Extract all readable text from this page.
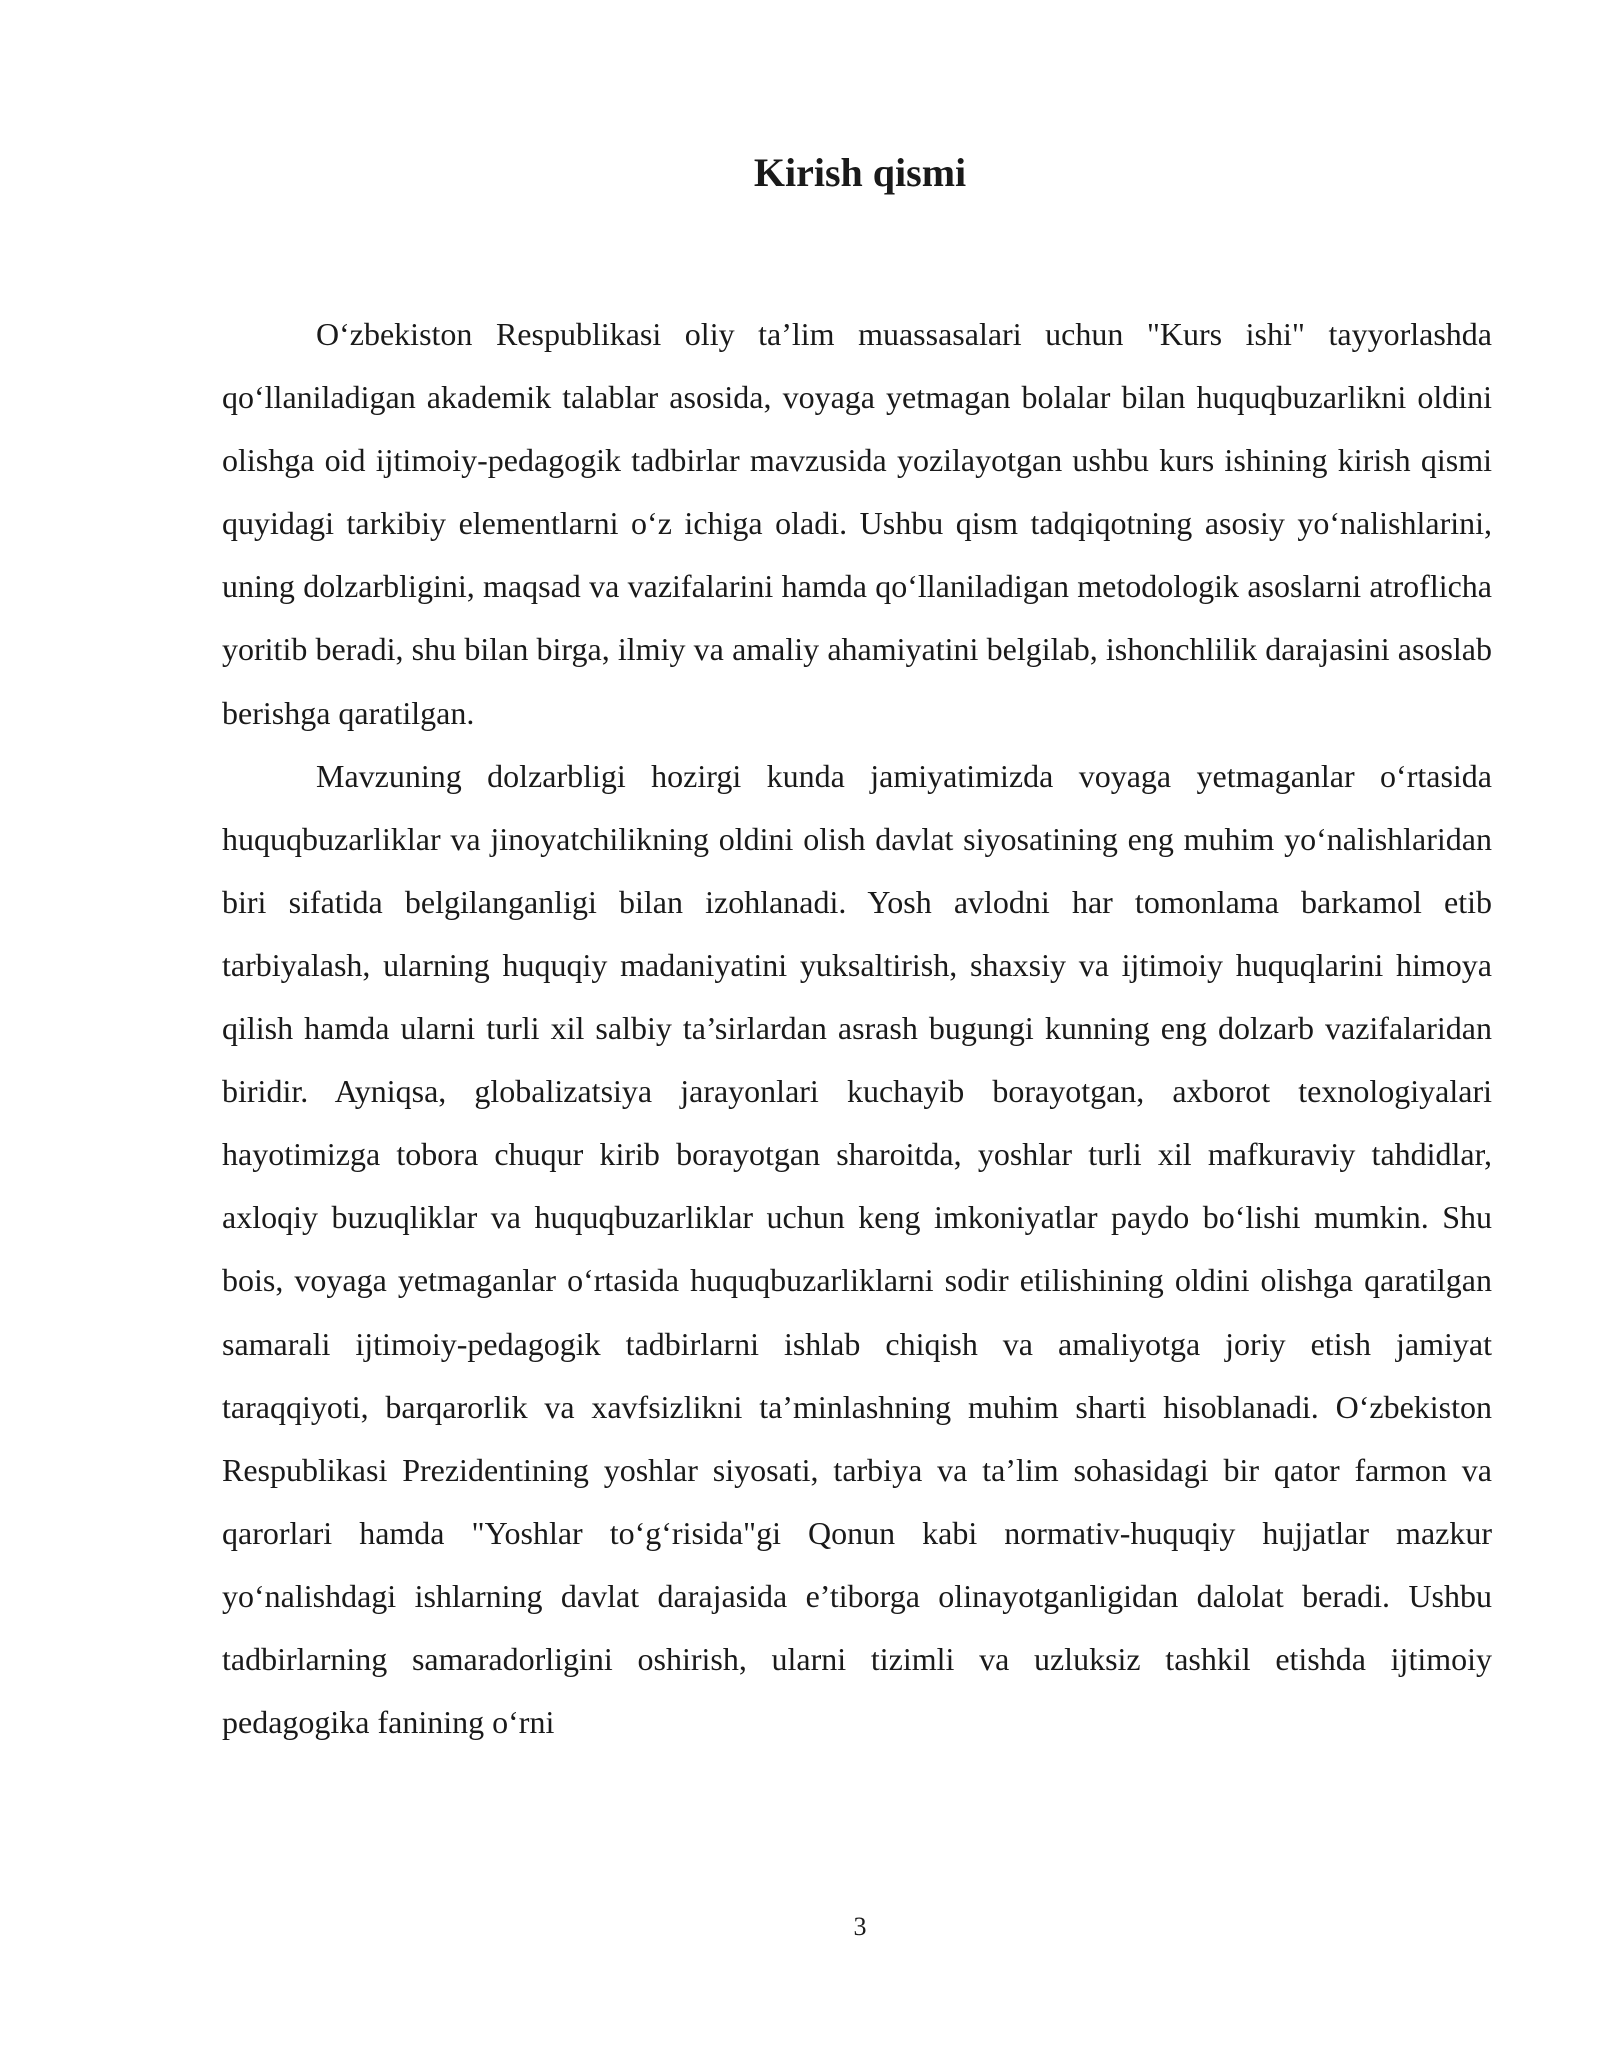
Kirish qismi

O‘zbekiston Respublikasi oliy ta’lim muassasalari uchun "Kurs ishi" tayyorlashda qo‘llaniladigan akademik talablar asosida, voyaga yetmagan bolalar bilan huquqbuzarlikni oldini olishga oid ijtimoiy-pedagogik tadbirlar mavzusida yozilayotgan ushbu kurs ishining kirish qismi quyidagi tarkibiy elementlarni o‘z ichiga oladi. Ushbu qism tadqiqotning asosiy yo‘nalishlarini, uning dolzarbligini, maqsad va vazifalarini hamda qo‘llaniladigan metodologik asoslarni atroflicha yoritib beradi, shu bilan birga, ilmiy va amaliy ahamiyatini belgilab, ishonchlilik darajasini asoslab berishga qaratilgan.

Mavzuning dolzarbligi hozirgi kunda jamiyatimizda voyaga yetmaganlar o‘rtasida huquqbuzarliklar va jinoyatchilikning oldini olish davlat siyosatining eng muhim yo‘nalishlaridan biri sifatida belgilanganligi bilan izohlanadi. Yosh avlodni har tomonlama barkamol etib tarbiyalash, ularning huquqiy madaniyatini yuksaltirish, shaxsiy va ijtimoiy huquqlarini himoya qilish hamda ularni turli xil salbiy ta’sirlardan asrash bugungi kunning eng dolzarb vazifalaridan biridir. Ayniqsa, globalizatsiya jarayonlari kuchayib borayotgan, axborot texnologiyalari hayotimizga tobora chuqur kirib borayotgan sharoitda, yoshlar turli xil mafkuraviy tahdidlar, axloqiy buzuqliklar va huquqbuzarliklar uchun keng imkoniyatlar paydo bo‘lishi mumkin. Shu bois, voyaga yetmaganlar o‘rtasida huquqbuzarliklarni sodir etilishining oldini olishga qaratilgan samarali ijtimoiy-pedagogik tadbirlarni ishlab chiqish va amaliyotga joriy etish jamiyat taraqqiyoti, barqarorlik va xavfsizlikni ta’minlashning muhim sharti hisoblanadi. O‘zbekiston Respublikasi Prezidentining yoshlar siyosati, tarbiya va ta’lim sohasidagi bir qator farmon va qarorlari hamda "Yoshlar to‘g‘risida"gi Qonun kabi normativ-huquqiy hujjatlar mazkur yo‘nalishdagi ishlarning davlat darajasida e’tiborga olinayotganligidan dalolat beradi. Ushbu tadbirlarning samaradorligini oshirish, ularni tizimli va uzluksiz tashkil etishda ijtimoiy pedagogika fanining o‘rni

3
